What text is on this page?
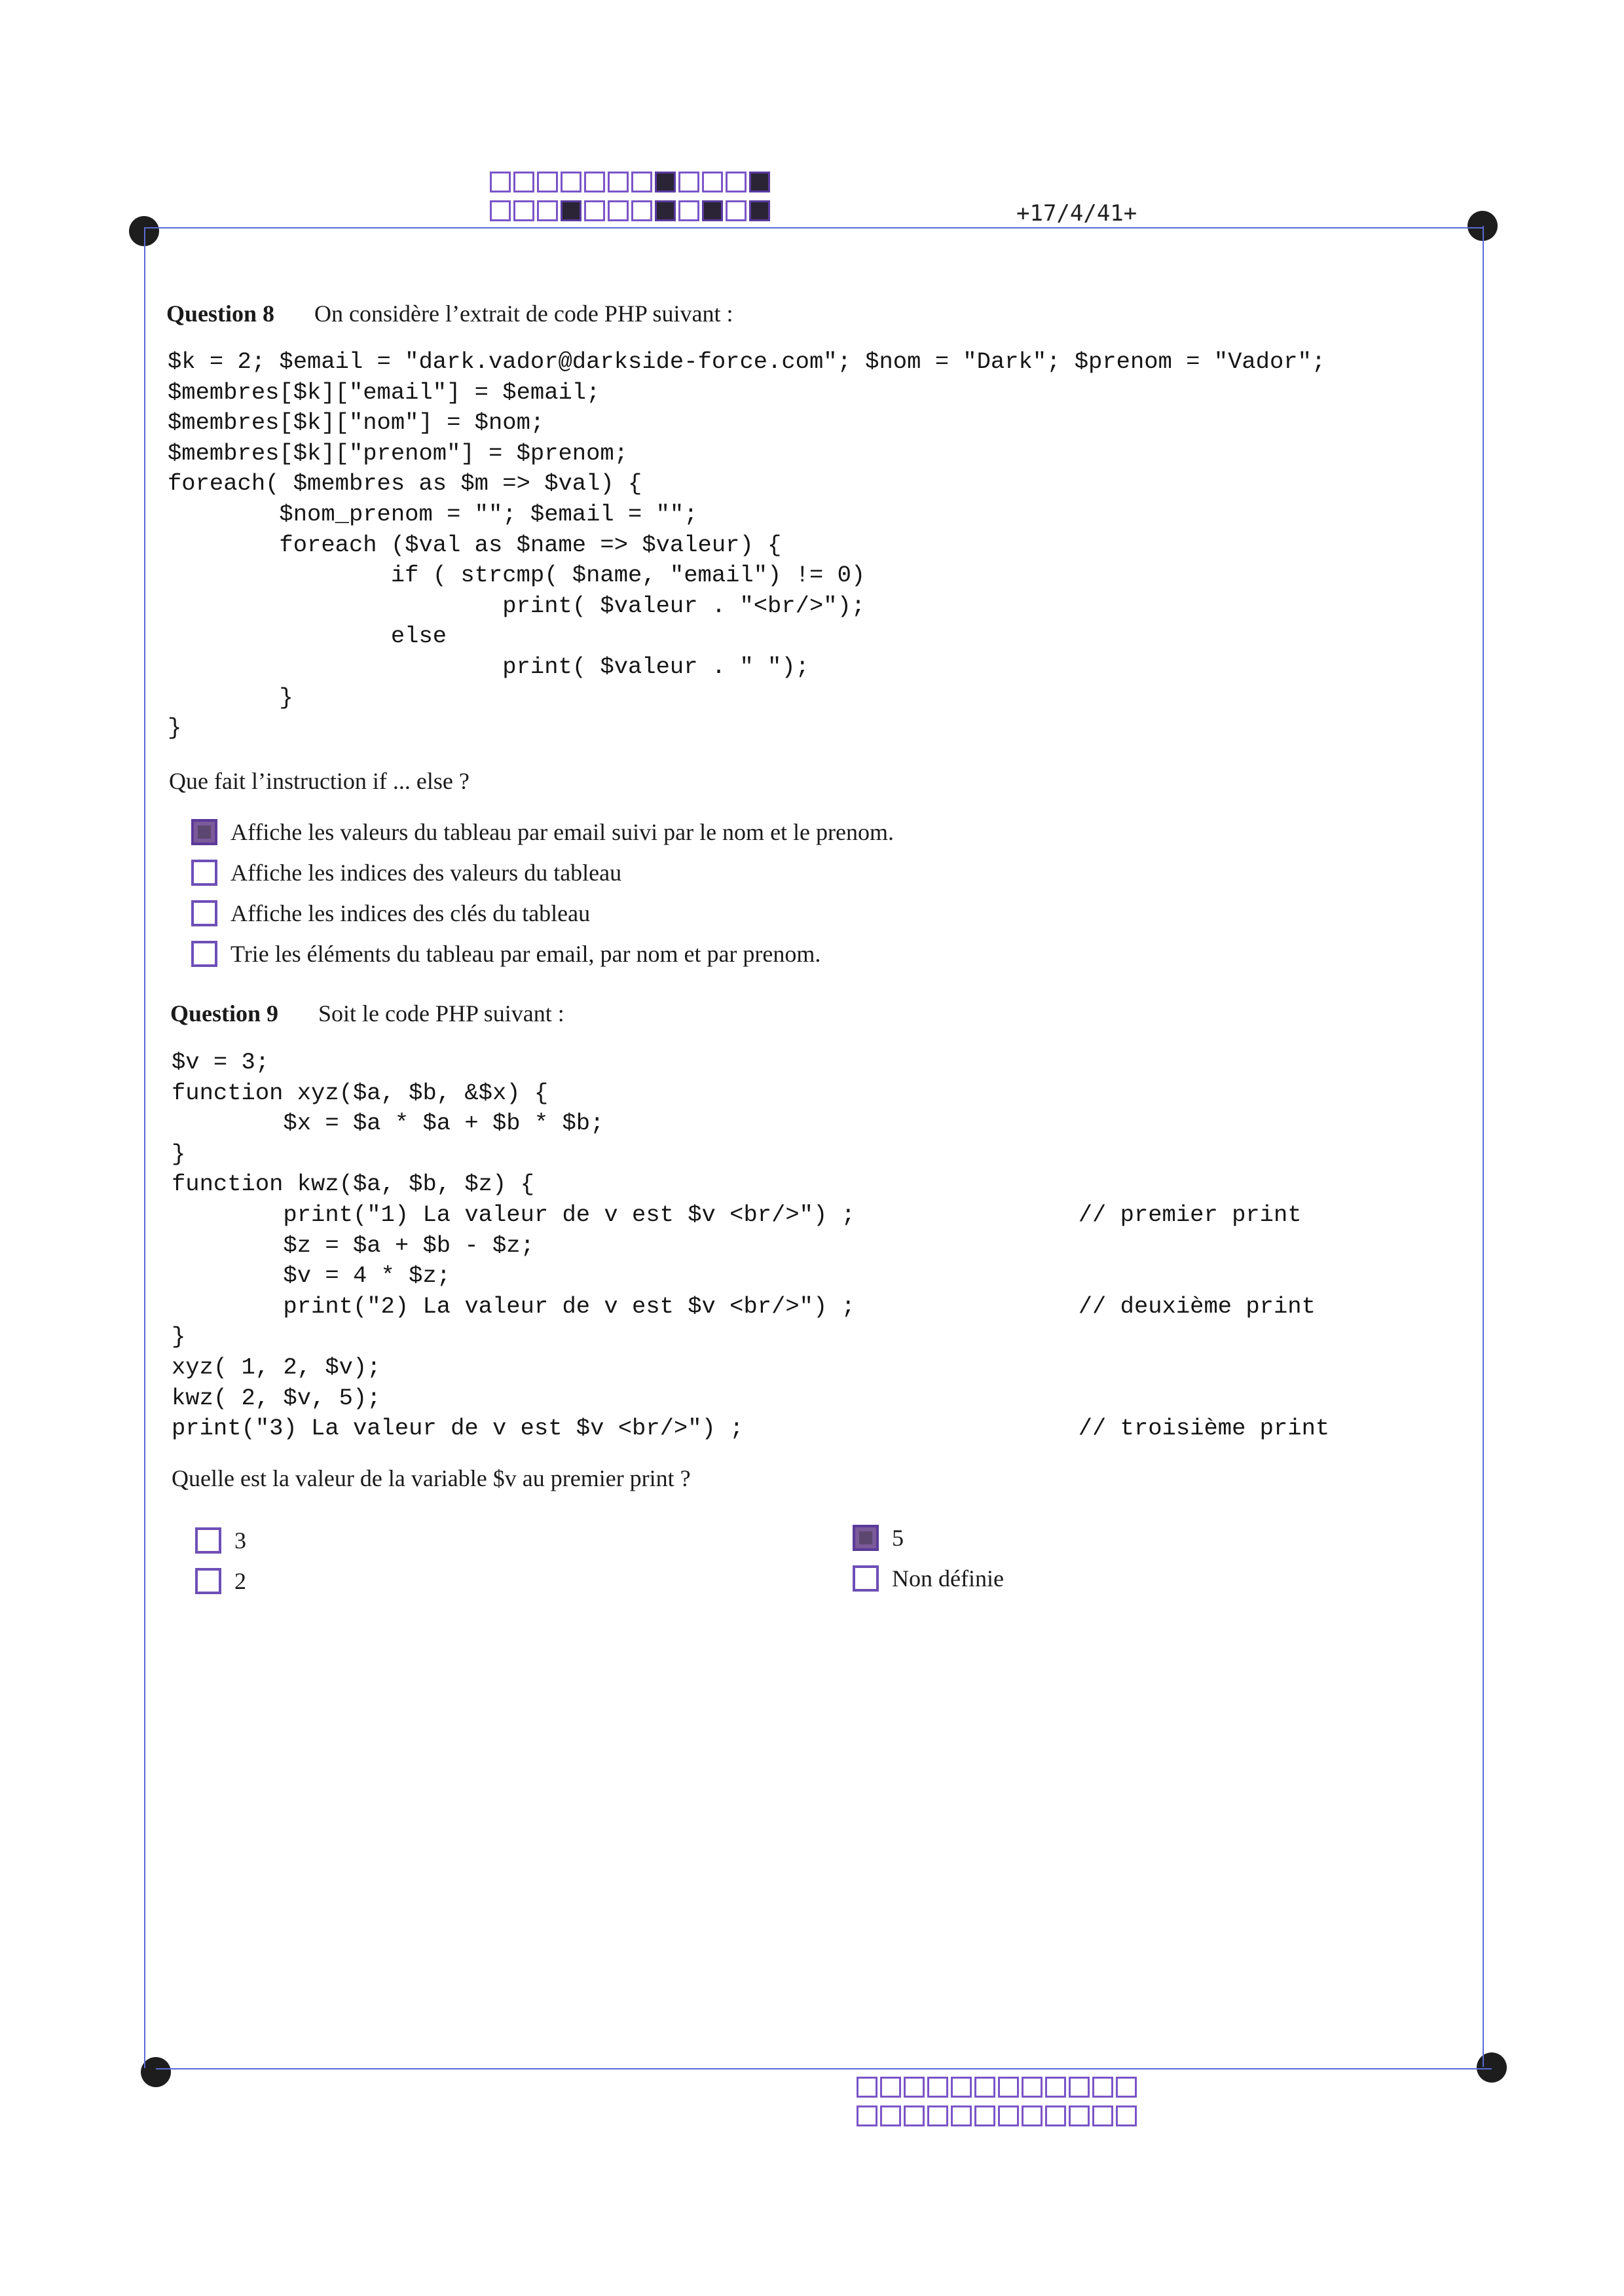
+17/4/41+
Question 8 On considère l’extrait de code PHP suivant :
$k = 2; $email = "dark.vador@darkside-force.com"; $nom = "Dark"; $prenom = "Vador";
$membres[$k]["email"] = $email;
$membres[$k]["nom"] = $nom;
$membres[$k]["prenom"] = $prenom;
foreach( $membres as $m => $val) {
$nom_prenom = ""; $email = "";
foreach ($val as $name => $valeur) {
if ( strcmp( $name, "email") != 0)
print( $valeur . "<br/>");
else
print( $valeur . " ");
}
}
Que fait l’instruction if ... else ?
Affiche les valeurs du tableau par email suivi par le nom et le prenom.
Affiche les indices des valeurs du tableau
Affiche les indices des clés du tableau
Trie les éléments du tableau par email, par nom et par prenom.
Question 9 Soit le code PHP suivant :
$v = 3;
function xyz($a, $b, &$x) {
$x = $a * $a + $b * $b;
}
function kwz($a, $b, $z) {
print("1) La valeur de v est $v <br/>") ;                // premier print
$z = $a + $b - $z;
$v = 4 * $z;
print("2) La valeur de v est $v <br/>") ;                // deuxième print
}
xyz( 1, 2, $v);
kwz( 2, $v, 5);
print("3) La valeur de v est $v <br/>") ;                        // troisième print
Quelle est la valeur de la variable $v au premier print ?
3
2
5
Non définie
